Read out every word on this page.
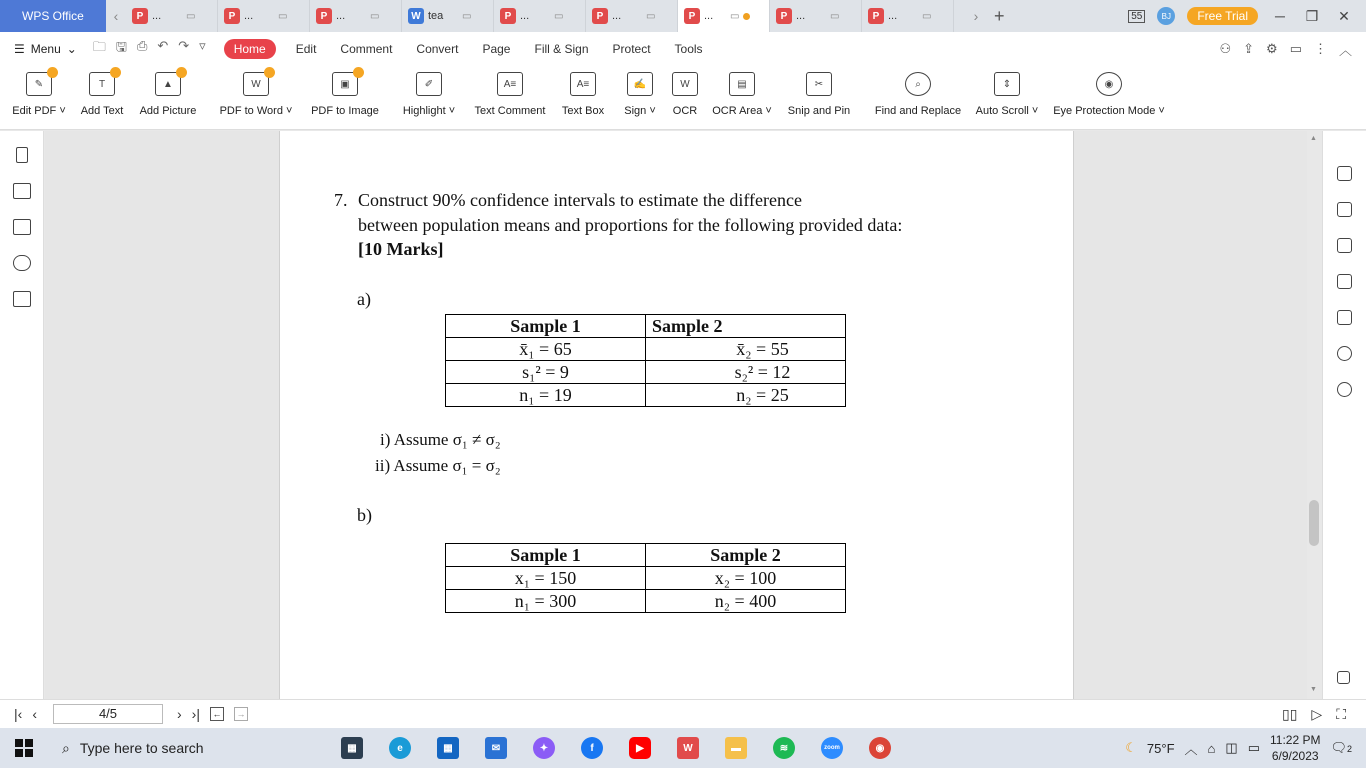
WPS Office	‹	P ...	▭	P ...	▭	P ...	▭	W tea	▭	P ...	▭	P ...	▭	P ...	▭	P ...	▭	P ...	▭	› +	55	BJ	Free Trial	─	❐ ✕
☰ Menu ⌄ 🗀 🖫 ⎙ ↶ ↷ ▿	Home	Edit Comment Convert Page Fill & Sign Protect Tools	⚇ ⇪ ⚙ ▭ ⋮ ︿
✎
Edit PDF ˅
T
Add Text
▲
Add Picture
W
PDF to Word ˅
▣
PDF to Image
✐
Highlight ˅
A≡
Text Comment
A≡
Text Box
✍
Sign ˅
W
OCR
▤
OCR Area ˅
✂
Snip and Pin
⌕
Find and Replace
⇕
Auto Scroll ˅
◉
Eye Protection Mode ˅
7. Construct 90% confidence intervals to estimate the difference
between population means and proportions for the following provided data:
[10 Marks]
a)
Sample 1	Sample 2
x̄₁ = 65	x̄₂ = 55
s₁² = 9	s₂² = 12
n₁ = 19	n₂ = 25
i) Assume σ₁ ≠ σ₂
ii) Assume σ₁ = σ₂
b)
Sample 1	Sample 2
x₁ = 150	x₂ = 100
n₁ = 300	n₂ = 400
▲
▼
|‹ ‹	4/5	› ›| ← →	▯▯ ▷ ⛶
⌕ Type here to search	▦	e	▦	✉	✦	f	▶	W	▬	≋	zoom	◉	☾ 75°F ︿ ⌂ ◫ ▭ 11:22 PM
6/9/2023
🗨2
